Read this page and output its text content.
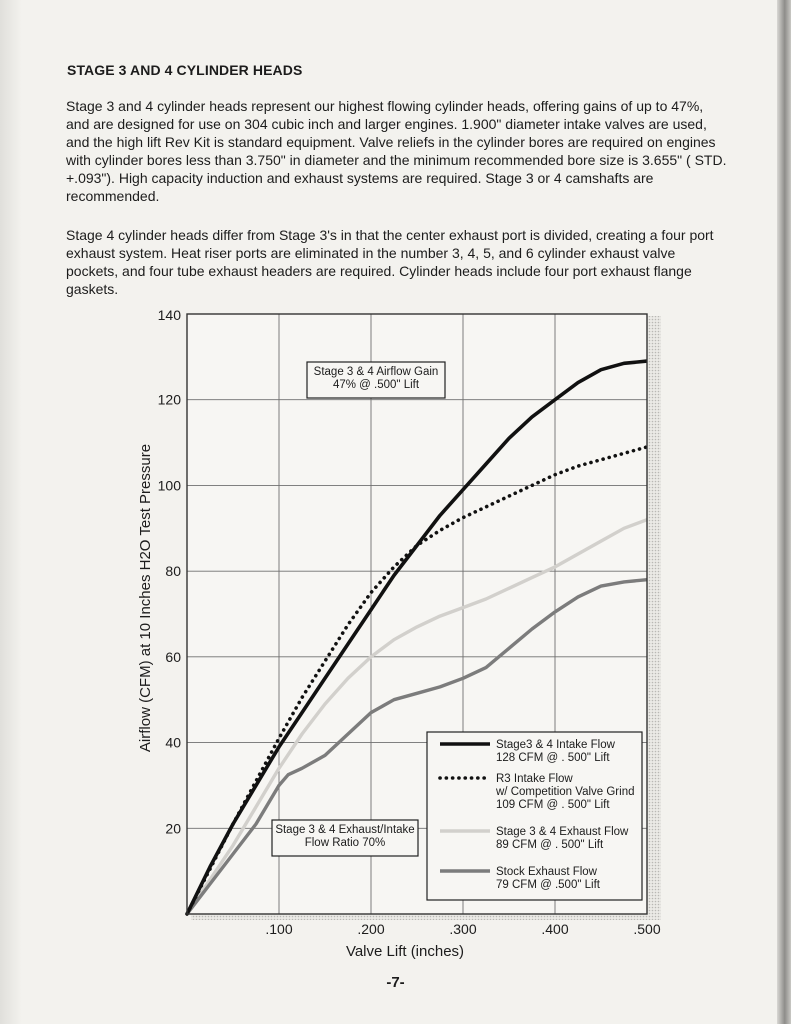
STAGE 3 AND 4 CYLINDER HEADS

Stage 3 and 4 cylinder heads represent our highest flowing cylinder heads, offering gains of up to 47%, and are designed for use on 304 cubic inch and larger engines. 1.900" diameter intake valves are used, and the high lift Rev Kit is standard equipment. Valve reliefs in the cylinder bores are required on engines with cylinder bores less than 3.750" in diameter and the minimum recommended bore size is 3.655" ( STD. +.093"). High capacity induction and exhaust systems are required. Stage 3 or 4 camshafts are recommended.

Stage 4 cylinder heads differ from Stage 3's in that the center exhaust port is divided, creating a four port exhaust system. Heat riser ports are eliminated in the number 3, 4, 5, and 6 cylinder exhaust valve pockets, and four tube exhaust headers are required. Cylinder heads include four port exhaust flange gaskets.

20
40
60
80
100
120
140
.100	.200	.300	.400	.500
Airflow (CFM) at 10 Inches H2O Test Pressure
Valve Lift (inches)
Stage 3 & 4 Airflow Gain
47% @ .500" Lift
Stage 3 & 4 Exhaust/Intake
Flow Ratio 70%
Stage3 & 4 Intake Flow
128 CFM @ . 500" Lift
R3 Intake Flow
w/ Competition Valve Grind
109 CFM @ . 500" Lift
Stage 3 & 4 Exhaust Flow
89 CFM @ . 500" Lift
Stock Exhaust Flow
79 CFM @ .500" Lift

-7-
